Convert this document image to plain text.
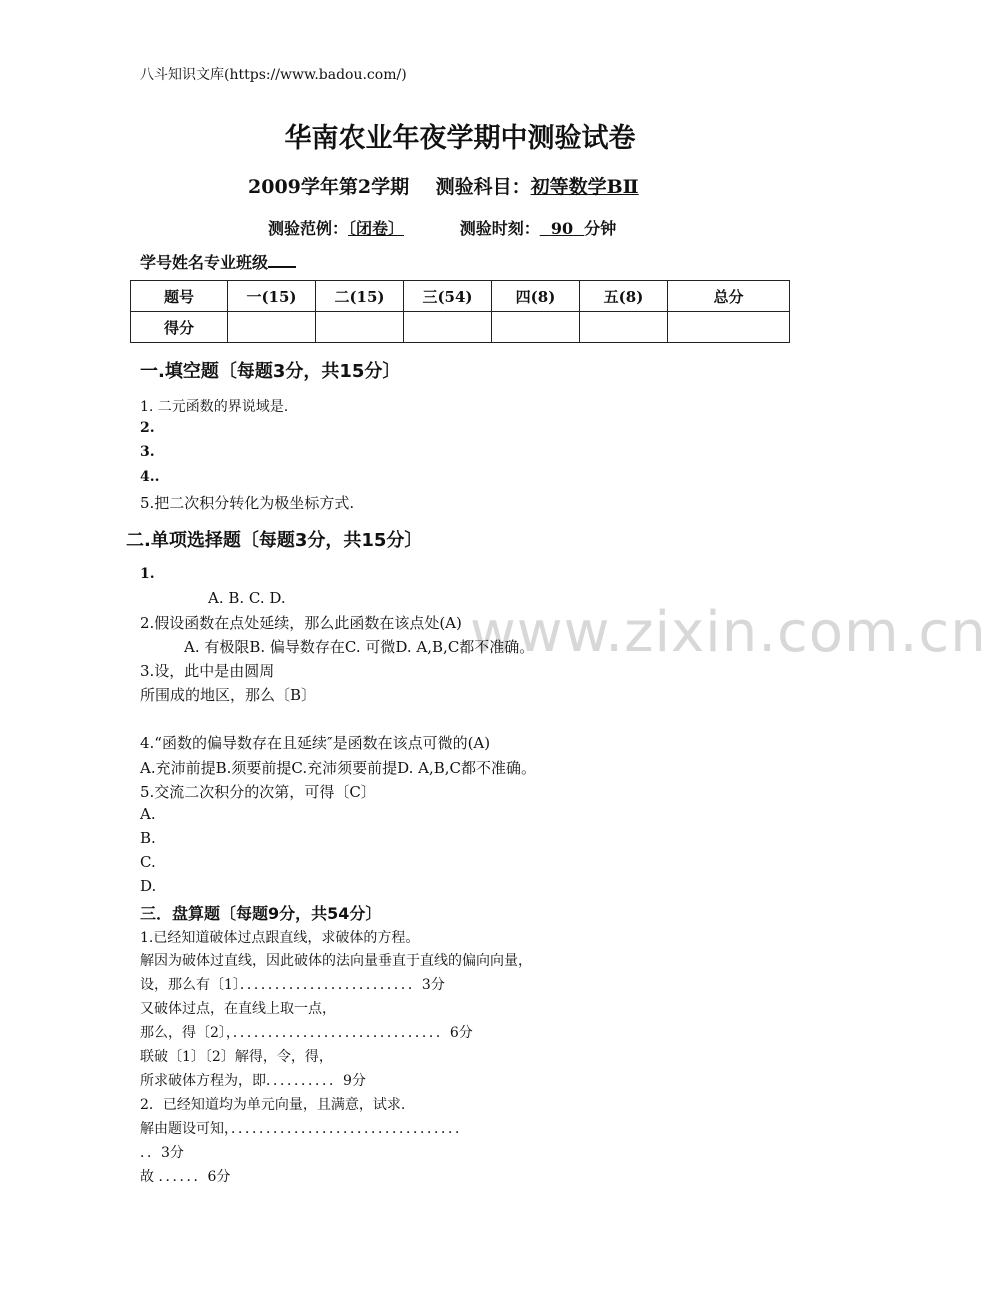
八斗知识文库(https://www.badou.com/)
华南农业年夜学期中测验试卷
2009学年第2学期 测验科目：初等数学BⅡ
测验范例：〔闭卷〕	测验时刻： 90 分钟
学号姓名专业班级
题号	一(15)	二(15)	三(54)	四(8)	五(8)	总分
得分						
www.zixin.com.cn
一.填空题〔每题3分，共15分〕
1. 二元函数的界说域是.
2.
3.
4..
5.把二次积分转化为极坐标方式.
二.单项选择题〔每题3分，共15分〕
1.
A. B. C. D.
2.假设函数在点处延续，那么此函数在该点处(A)
A. 有极限B. 偏导数存在C. 可微D. A,B,C都不准确。
3.设，此中是由圆周
所围成的地区，那么〔B〕
4.“函数的偏导数存在且延续″是函数在该点可微的(A)
A.充沛前提B.须要前提C.充沛须要前提D. A,B,C都不准确。
5.交流二次积分的次第，可得〔C〕
A.
B.
C.
D.
三．盘算题〔每题9分，共54分〕
1.已经知道破体过点跟直线，求破体的方程。
解因为破体过直线，因此破体的法向量垂直于直线的偏向向量，
设，那么有〔1〕．．．．．．．．．．．．．．．．．．．．．．．．．3分
又破体过点，在直线上取一点，
那么，得〔2〕，．．．．．．．．．．．．．．．．．．．．．．．．．．．．．．6分
联破〔1〕〔2〕解得，令，得，
所求破体方程为，即．．．．．．．．．．9分
2．已经知道均为单元向量，且满意，试求.
解由题设可知，．．．．．．．．．．．．．．．．．．．．．．．．．．．．．．．．．
．．3分
故 ．．．．．．6分
